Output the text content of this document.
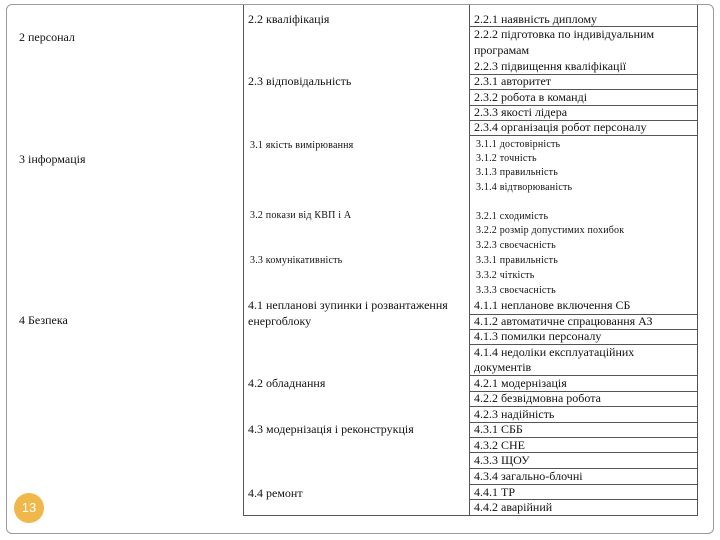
2 персонал
3 інформація
4 Безпека
2.2 кваліфікація
2.3 відповідальність
3.1 якість вимірювання
3.2 покази від КВП і А
3.3 комунікативність
4.1 непланові зупинки і розвантаження
енергоблоку
4.2 обладнання
4.3 модернізація і реконструкція
4.4 ремонт
2.2.1 наявність диплому
2.2.2 підготовка по індивідуальним
програмам
2.2.3 підвищення кваліфікації
2.3.1 авторитет
2.3.2 робота в команді
2.3.3 якості лідера
2.3.4 організація робот персоналу
3.1.1 достовірність
3.1.2 точність
3.1.3 правильність
3.1.4 відтворюваність
3.2.1 сходимість
3.2.2 розмір допустимих похибок
3.2.3 своєчасність
3.3.1 правильність
3.3.2 чіткість
3.3.3 своєчасність
4.1.1 непланове включення СБ
4.1.2 автоматичне спрацювання АЗ
4.1.3 помилки персоналу
4.1.4 недоліки експлуатаційних
документів
4.2.1 модернізація
4.2.2 безвідмовна робота
4.2.3 надійність
4.3.1 СББ
4.3.2 СНЕ
4.3.3 ЩОУ
4.3.4 загально-блочні
4.4.1 ТР
4.4.2 аварійний
13
